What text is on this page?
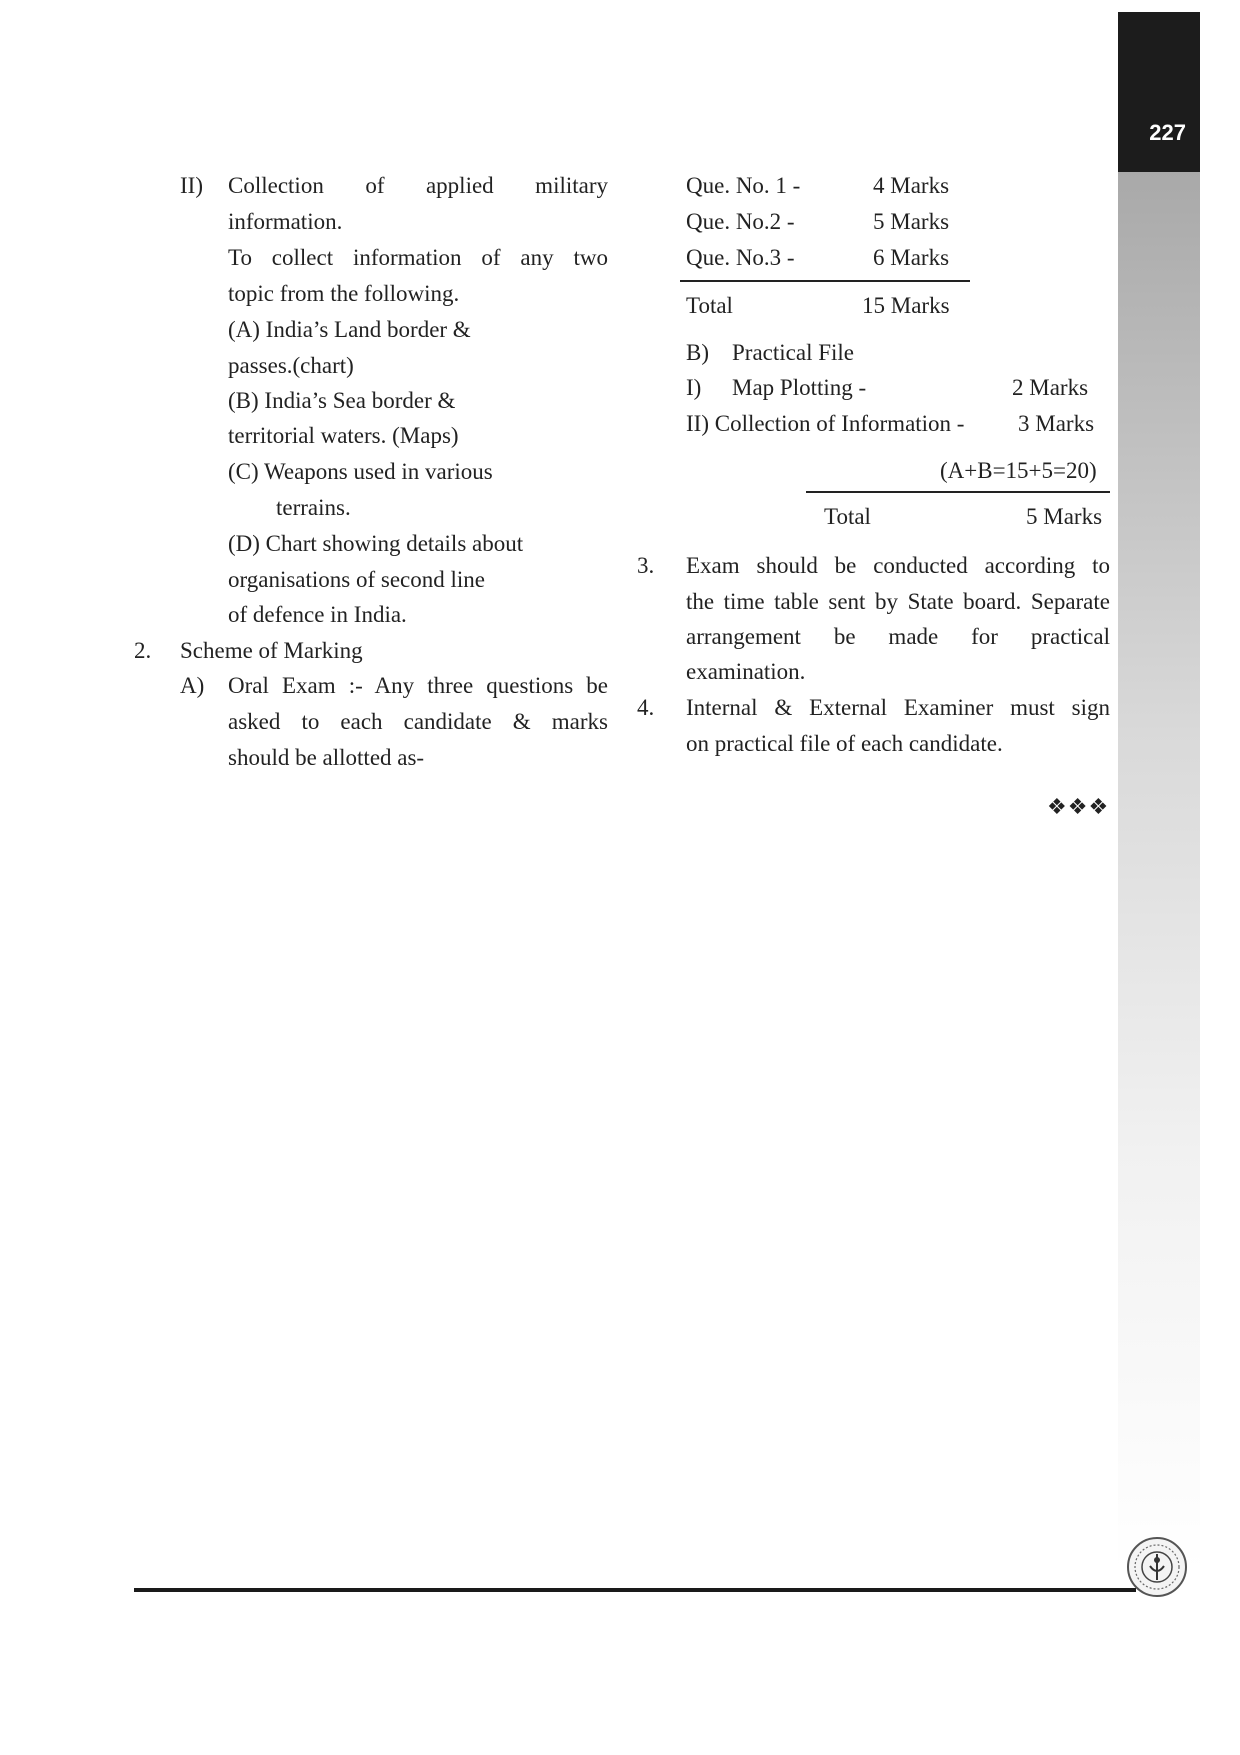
227
II) Collection of applied military
information.
To collect information of any two
topic from the following.
(A) India’s Land border &
passes.(chart)
(B) India’s Sea border &
territorial waters. (Maps)
(C) Weapons used in various
terrains.
(D) Chart showing details about
organisations of second line
of defence in India.
2. Scheme of Marking
A) Oral Exam :- Any three questions be
asked to each candidate & marks
should be allotted as-
Que. No. 1 -	4 Marks
Que. No.2 -	5 Marks
Que. No.3 -	6 Marks
Total	15 Marks
B) Practical File
I) Map Plotting -	2 Marks
II) Collection of Information - 3 Marks
(A+B=15+5=20)
Total	5 Marks
3. Exam should be conducted according to
the time table sent by State board. Separate
arrangement be made for practical
examination.
4. Internal & External Examiner must sign
on practical file of each candidate.
❖❖❖
